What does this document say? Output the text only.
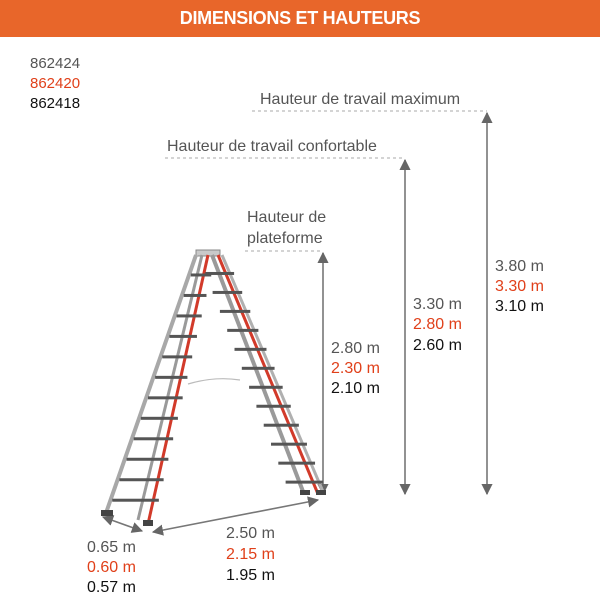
DIMENSIONS ET HAUTEURS
862424
862420
862418	Hauteur de travail maximum
Hauteur de travail confortable
Hauteur de
plateforme
3.80 m
3.30 m
3.10 m
3.30 m
2.80 m
2.60 m
2.80 m
2.30 m
2.10 m
2.50 m
2.15 m
1.95 m
0.65 m
0.60 m
0.57 m
